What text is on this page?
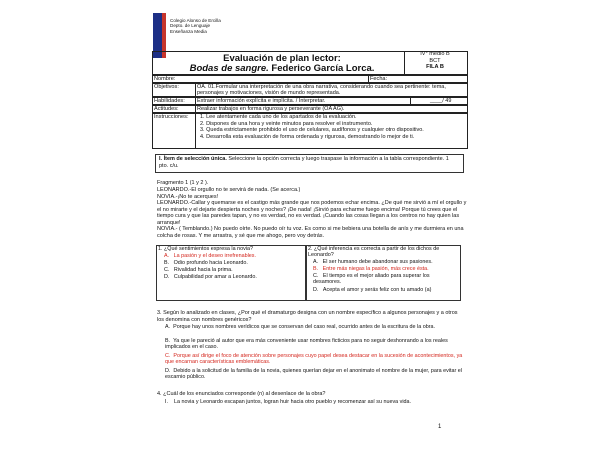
Colegio Alonso de Ercilla
Depto. de Lenguaje
Enseñanza Media
Evaluación de plan lector:
Bodas de sangre. Federico García Lorca.
IV° medio B
BCT
FILA B
Nombre:	Fecha:
Objetivos:	OA. 01.Formular una interpretación de una obra narrativa, considerando cuando sea pertinente: tema, personajes y motivaciones, visión de mundo representada.
Habilidades: Extraer información explícita e implícita. / Interpretar.	____/ 49
Actitudes:	Realizar trabajos en forma rigurosa y perseverante (OA AG).
Instrucciones: 1. Lee atentamente cada uno de los apartados de la evaluación.
2. Dispones de una hora y veinte minutos para resolver el instrumento.
3. Queda estrictamente prohibido el uso de celulares, audífonos y cualquier otro dispositivo.
4. Desarrolla esta evaluación de forma ordenada y rigurosa, demostrando lo mejor de ti.
I. Ítem de selección única. Seleccione la opción correcta y luego traspase la información a la tabla correspondiente. 1 pto. c/u.
Fragmento 1 (1 y 2 ).
LEONARDO.-El orgullo no te servirá de nada. (Se acerca.)
NOVIA.-¡No te acerques!
LEONARDO.-Callar y quemarse es el castigo más grande que nos podemos echar encima. ¿De qué me sirvió a mí el orgullo y el no mirarte y el dejarte despierta noches y noches? ¡De nada! ¡Sirvió para echarme fuego encima! Porque tú crees que el tiempo cura y que las paredes tapan, y no es verdad, no es verdad. ¡Cuando las cosas llegan a los centros no hay quien las arranque!
NOVIA.- ( Temblando.) No puedo oírte. No puedo oír tu voz. Es como si me bebiera una botella de anís y me durmiera en una colcha de rosas. Y me arrastra, y sé que me ahogo, pero voy detrás.
1. ¿Qué sentimientos expresa la novia?
A. La pasión y el deseo irrefrenables.
B. Odio profundo hacia Leonardo.
C. Rivalidad hacia la prima.
D. Culpabilidad por amar a Leonardo.
2. ¿Qué inferencia es correcta a partir de los dichos de Leonardo?
A. El ser humano debe abandonar sus pasiones.
B. Entre más niegas la pasión, más crece ésta.
C. El tiempo es el mejor aliado para superar los desamores.
D. Acepta el amor y serás feliz con tu amado (a)
3. Según lo analizado en clases, ¿Por qué el dramaturgo designa con un nombre específico a algunos personajes y a otros los denomina con nombres genéricos?
A. Porque hay unos nombres verídicos que se conservan del caso real, ocurrido antes de la escritura de la obra.
B. Ya que le pareció al autor que era más conveniente usar nombres ficticios para no seguir deshonrando a los reales implicados en el caso.
C. Porque así dirige el foco de atención sobre personajes cuyo papel desea destacar en la sucesión de acontecimientos, ya que encarnan características emblemáticas.
D. Debido a la solicitud de la familia de la novia, quienes querían dejar en el anonimato el nombre de la mujer, para evitar el escarnio público.
4. ¿Cuál de los enunciados corresponde (n) al desenlace de la obra?
I. La novia y Leonardo escapan juntos, logran huir hacia otro pueblo y recomenzar así su nueva vida.
1
